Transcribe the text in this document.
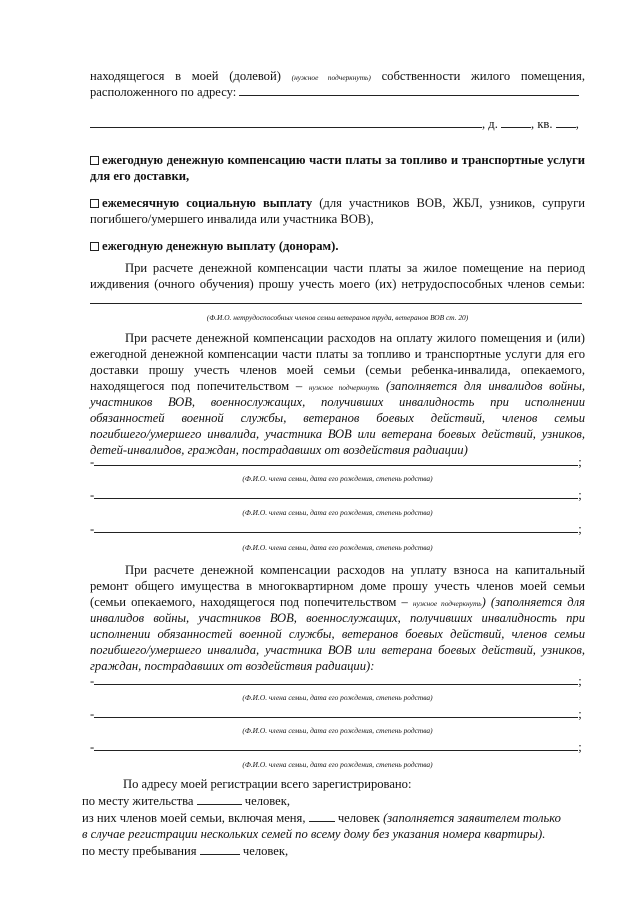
находящегося в моей (долевой) (нужное подчеркнуть) собственности жилого помещения,
расположенного по адресу:
, д.	, кв. ,
ежегодную денежную компенсацию части платы за топливо и транспортные услуги
для его доставки,
ежемесячную социальную выплату (для участников ВОВ, ЖБЛ, узников, супруги
погибшего/умершего инвалида или участника ВОВ),
ежегодную денежную выплату (донорам).
При расчете денежной компенсации части платы за жилое помещение на период
иждивения (очного обучения) прошу учесть моего (их) нетрудоспособных членов семьи:
(Ф.И.О. нетрудоспособных членов семьи ветеранов труда, ветеранов ВОВ ст. 20)
При расчете денежной компенсации расходов на оплату жилого помещения и (или)
ежегодной денежной компенсации части платы за топливо и транспортные услуги для его
доставки прошу учесть членов моей семьи (семьи ребенка-инвалида, опекаемого,
находящегося под попечительством – нужное подчеркнуть (заполняется для инвалидов войны,
участников ВОВ, военнослужащих, получивших инвалидность при исполнении
обязанностей военной службы, ветеранов боевых действий, членов семьи
погибшего/умершего инвалида, участника ВОВ или ветерана боевых действий, узников,
детей-инвалидов, граждан, пострадавших от воздействия радиации)
-	;
(Ф.И.О. члена семьи, дата его рождения, степень родства)
-	;
(Ф.И.О. члена семьи, дата его рождения, степень родства)
-	;
(Ф.И.О. члена семьи, дата его рождения, степень родства)
При расчете денежной компенсации расходов на уплату взноса на капитальный
ремонт общего имущества в многоквартирном доме прошу учесть членов моей семьи
(семьи опекаемого, находящегося под попечительством – нужное подчеркнуть) (заполняется для
инвалидов войны, участников ВОВ, военнослужащих, получивших инвалидность при
исполнении обязанностей военной службы, ветеранов боевых действий, членов семьи
погибшего/умершего инвалида, участника ВОВ или ветерана боевых действий, узников,
граждан, пострадавших от воздействия радиации):
-	;
(Ф.И.О. члена семьи, дата его рождения, степень родства)
-	;
(Ф.И.О. члена семьи, дата его рождения, степень родства)
-	;
(Ф.И.О. члена семьи, дата его рождения, степень родства)
По адресу моей регистрации всего зарегистрировано:
по месту жительства	человек,
из них членов моей семьи, включая меня,	человек (заполняется заявителем только
в случае регистрации нескольких семей по всему дому без указания номера квартиры).
по месту пребывания	человек,
